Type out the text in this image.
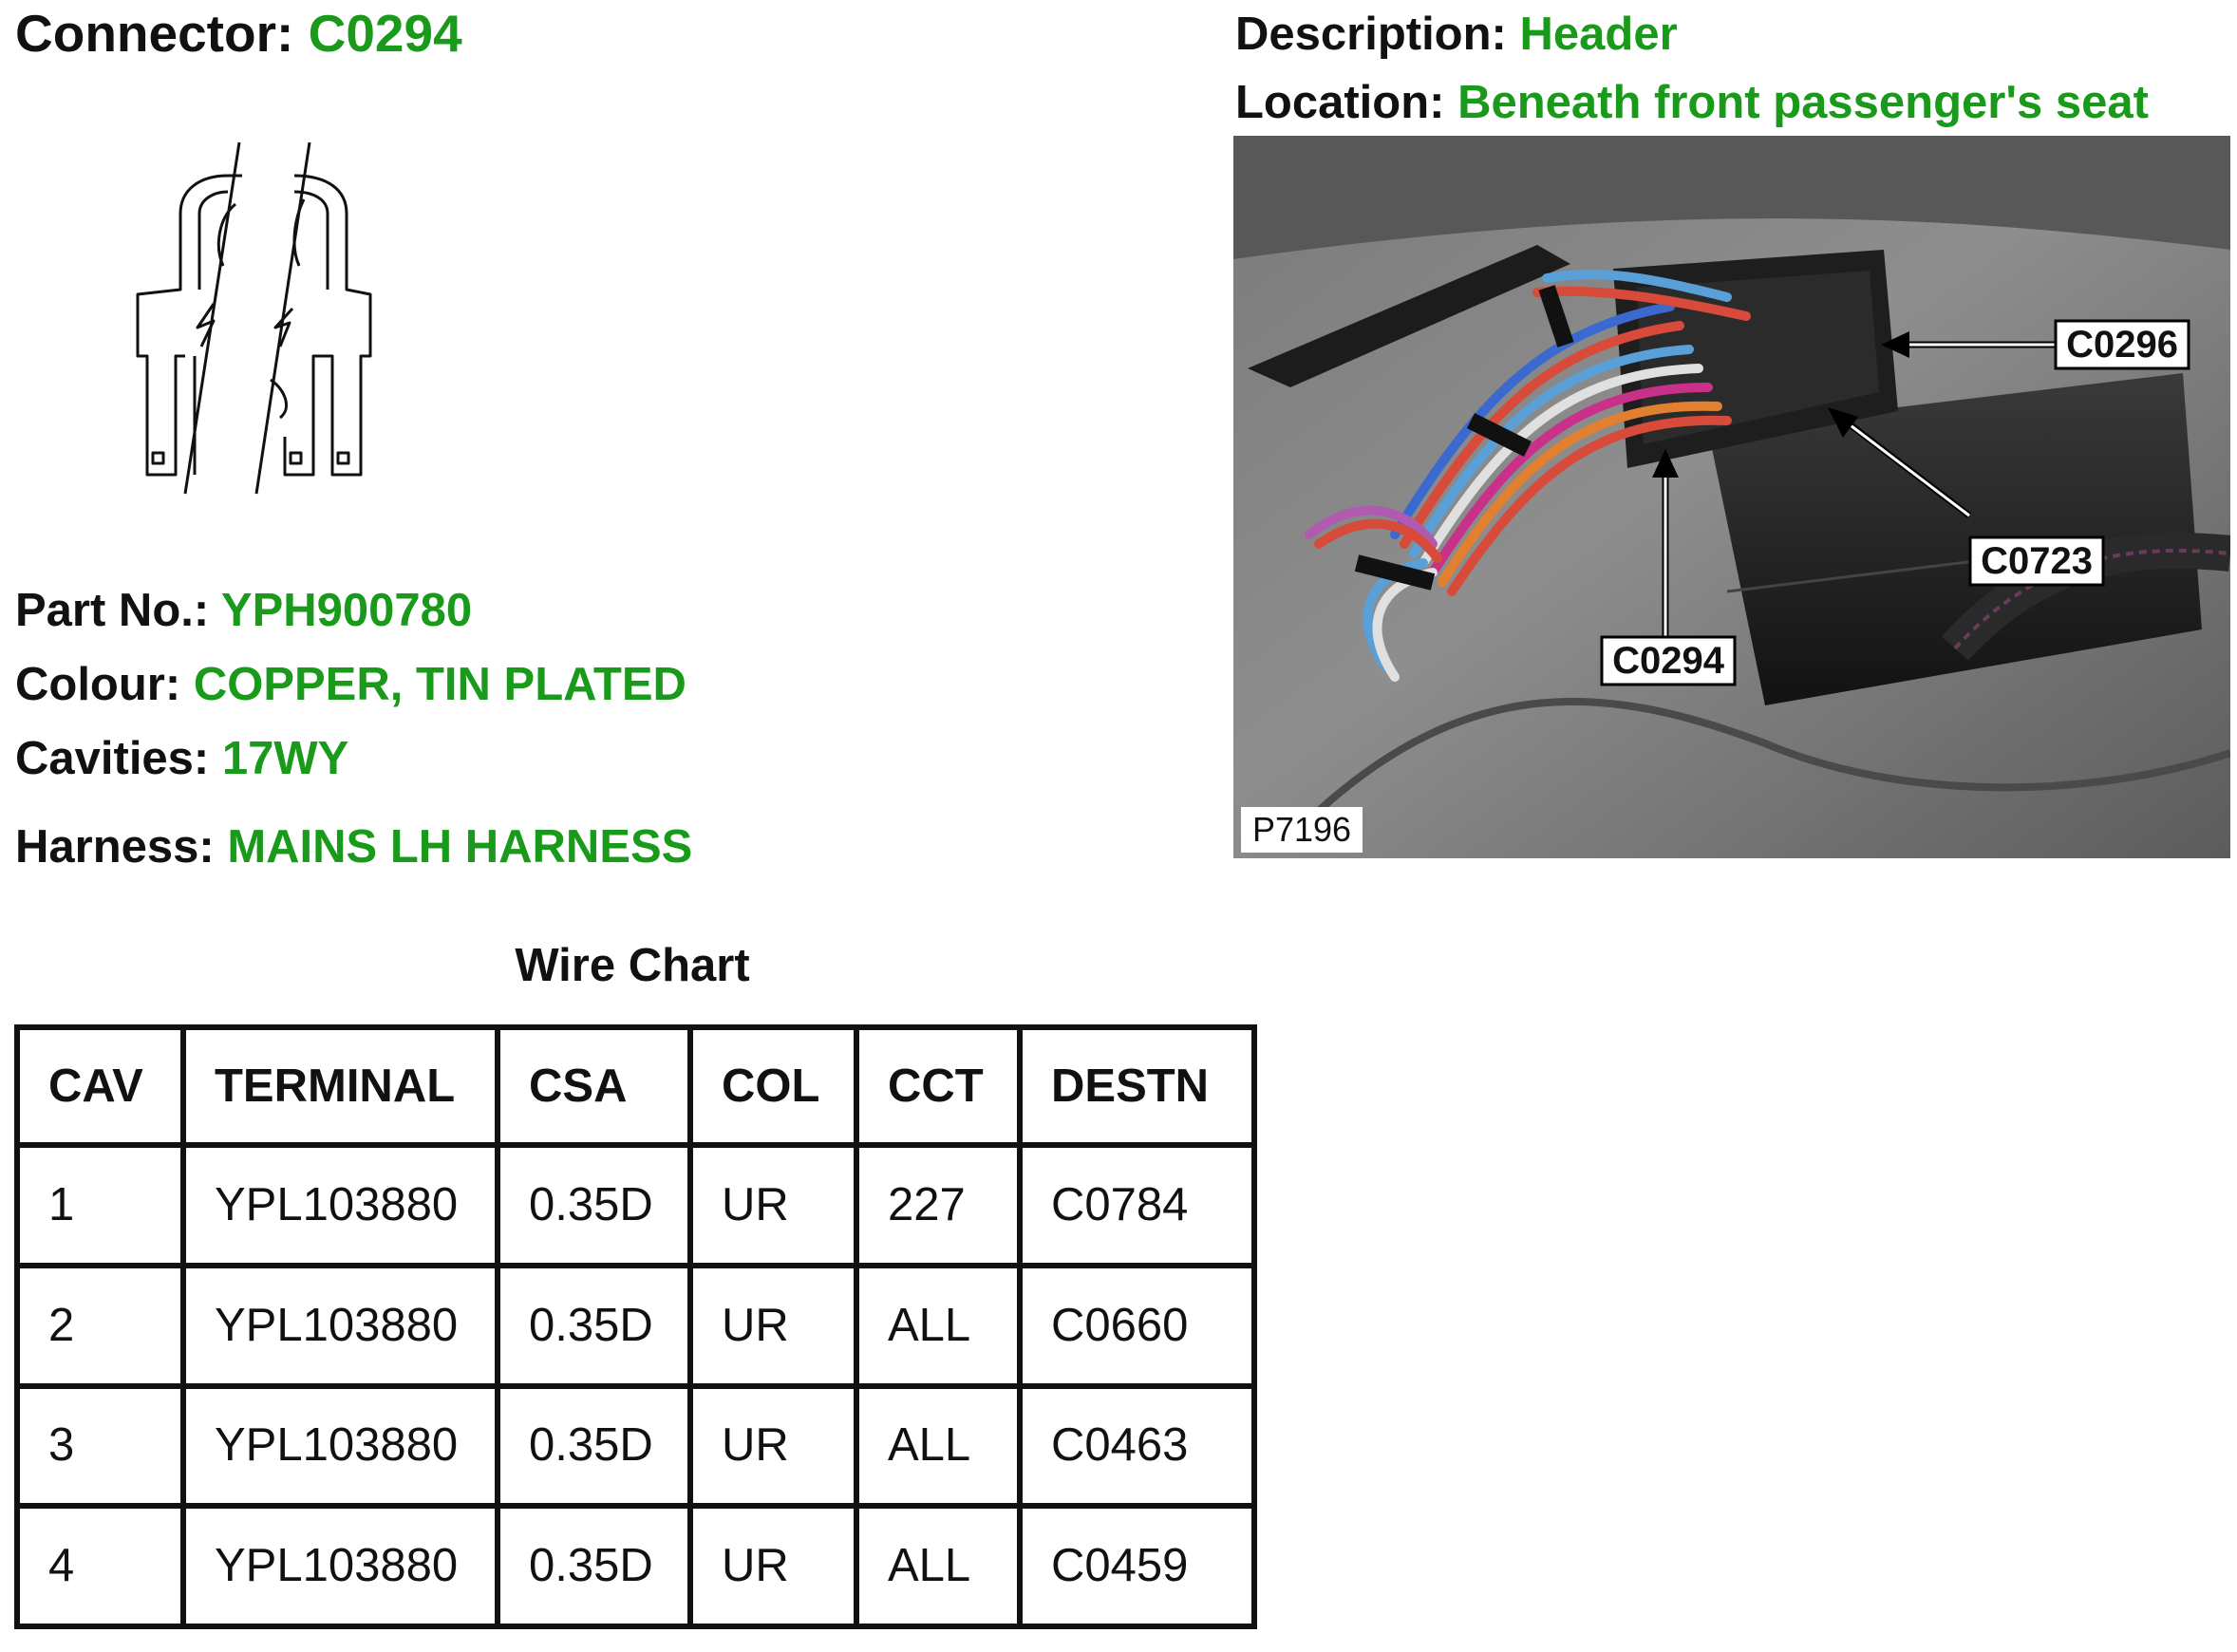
Connector: C0294	Description: Header
Location: Beneath front passenger's seat
Part No.: YPH900780
Colour: COPPER, TIN PLATED
Cavities: 17WY
Harness: MAINS LH HARNESS
C0296
C0723
C0294
P7196
Wire Chart
CAV	TERMINAL	CSA	COL	CCT	DESTN
1	YPL103880	0.35D	UR	227	C0784
2	YPL103880	0.35D	UR	ALL	C0660
3	YPL103880	0.35D	UR	ALL	C0463
4	YPL103880	0.35D	UR	ALL	C0459
